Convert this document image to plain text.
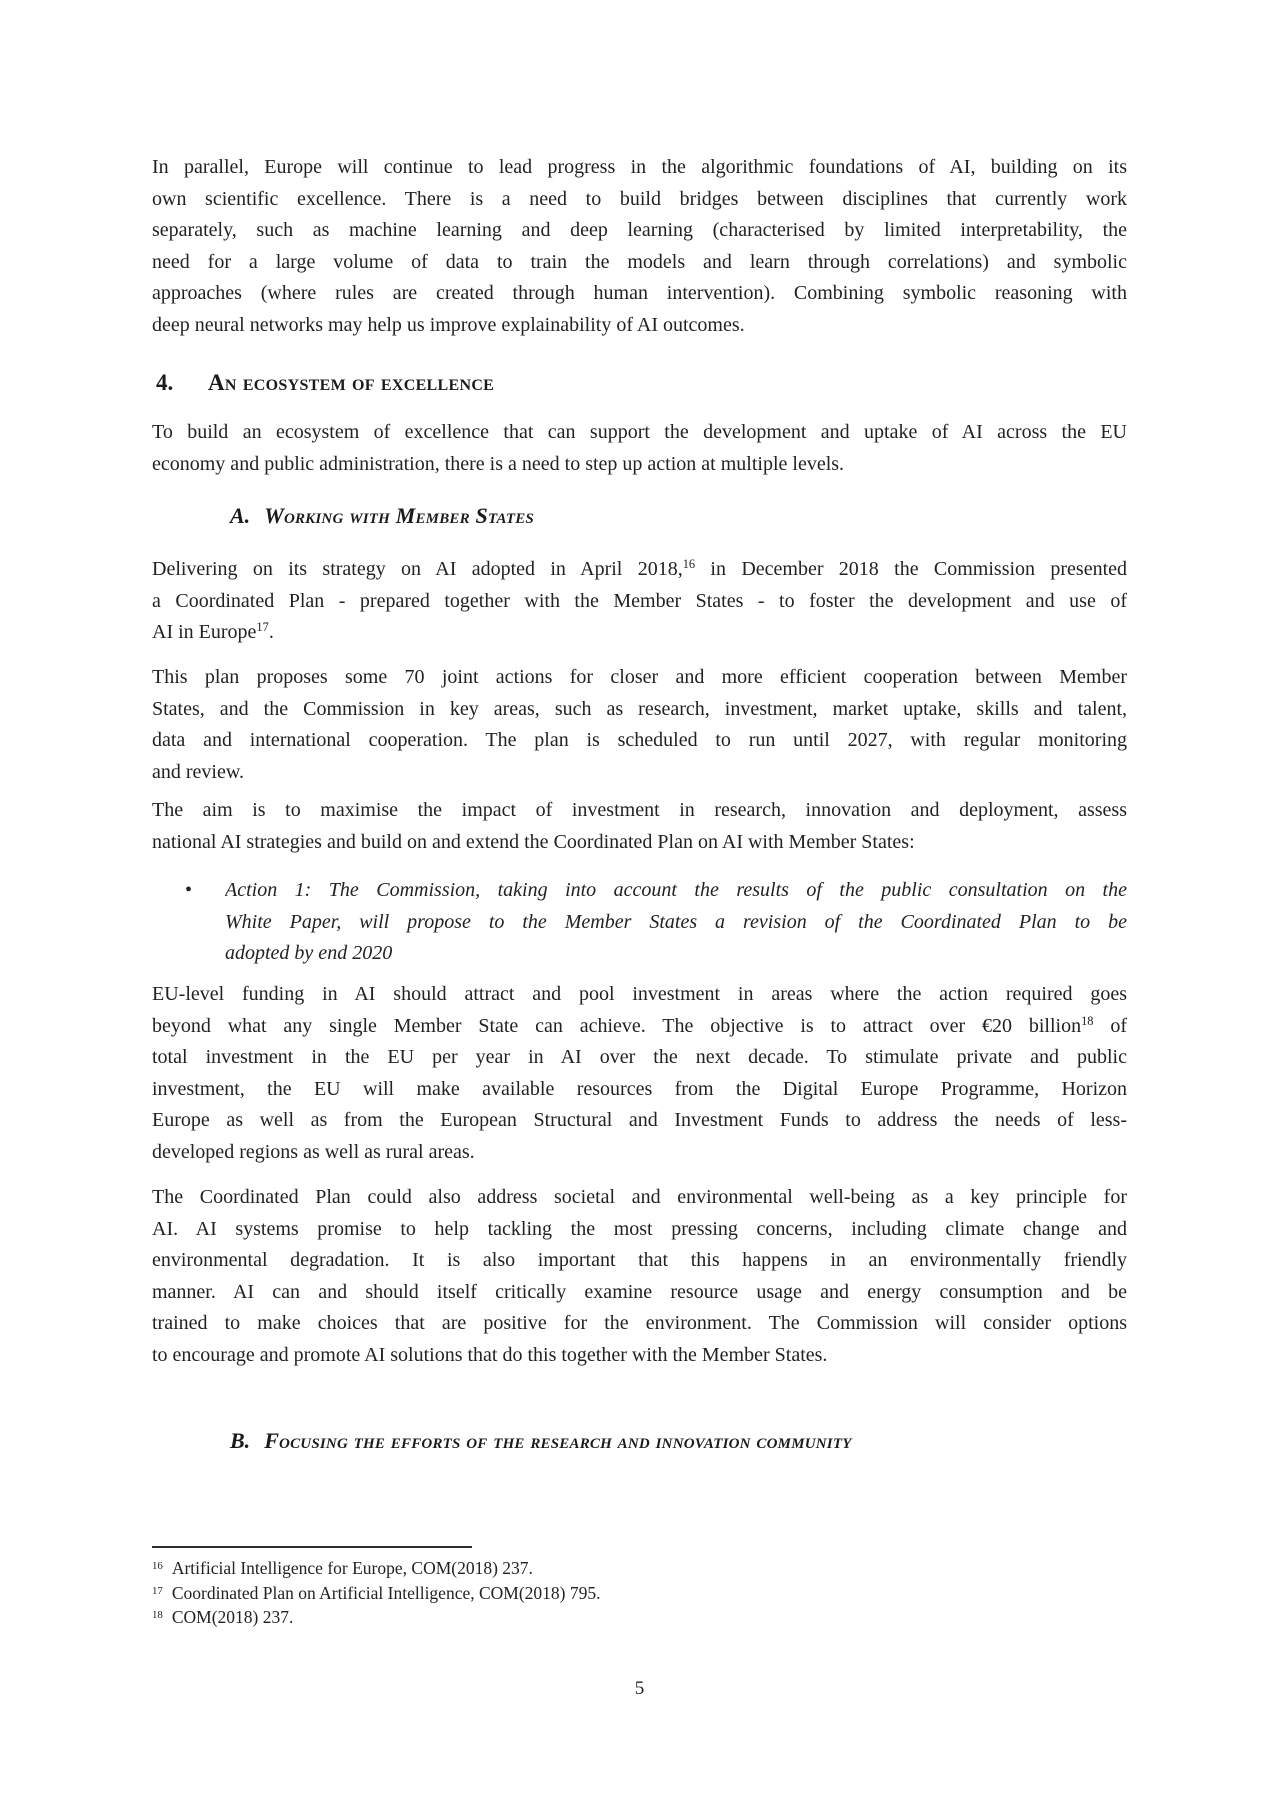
In parallel, Europe will continue to lead progress in the algorithmic foundations of AI, building on its
own scientific excellence. There is a need to build bridges between disciplines that currently work
separately, such as machine learning and deep learning (characterised by limited interpretability, the
need for a large volume of data to train the models and learn through correlations) and symbolic
approaches (where rules are created through human intervention). Combining symbolic reasoning with
deep neural networks may help us improve explainability of AI outcomes.
4.	An ecosystem of excellence
To build an ecosystem of excellence that can support the development and uptake of AI across the EU
economy and public administration, there is a need to step up action at multiple levels.
A. Working with Member States
Delivering on its strategy on AI adopted in April 2018,16 in December 2018 the Commission presented
a Coordinated Plan - prepared together with the Member States - to foster the development and use of
AI in Europe$^{17}$.
This plan proposes some 70 joint actions for closer and more efficient cooperation between Member
States, and the Commission in key areas, such as research, investment, market uptake, skills and talent,
data and international cooperation. The plan is scheduled to run until 2027, with regular monitoring
and review.
The aim is to maximise the impact of investment in research, innovation and deployment, assess
national AI strategies and build on and extend the Coordinated Plan on AI with Member States:
• Action 1: The Commission, taking into account the results of the public consultation on the
White Paper, will propose to the Member States a revision of the Coordinated Plan to be
adopted by end 2020
EU-level funding in AI should attract and pool investment in areas where the action required goes
beyond what any single Member State can achieve. The objective is to attract over €20 billion$^{18}$ of
total investment in the EU per year in AI over the next decade. To stimulate private and public
investment, the EU will make available resources from the Digital Europe Programme, Horizon
Europe as well as from the European Structural and Investment Funds to address the needs of less-
developed regions as well as rural areas.
The Coordinated Plan could also address societal and environmental well-being as a key principle for
AI. AI systems promise to help tackling the most pressing concerns, including climate change and
environmental degradation. It is also important that this happens in an environmentally friendly
manner. AI can and should itself critically examine resource usage and energy consumption and be
trained to make choices that are positive for the environment. The Commission will consider options
to encourage and promote AI solutions that do this together with the Member States.
B. Focusing the efforts of the research and innovation community
$^{16}$ Artificial Intelligence for Europe, COM(2018) 237.
$^{17}$ Coordinated Plan on Artificial Intelligence, COM(2018) 795.
$^{18}$ COM(2018) 237.
5
